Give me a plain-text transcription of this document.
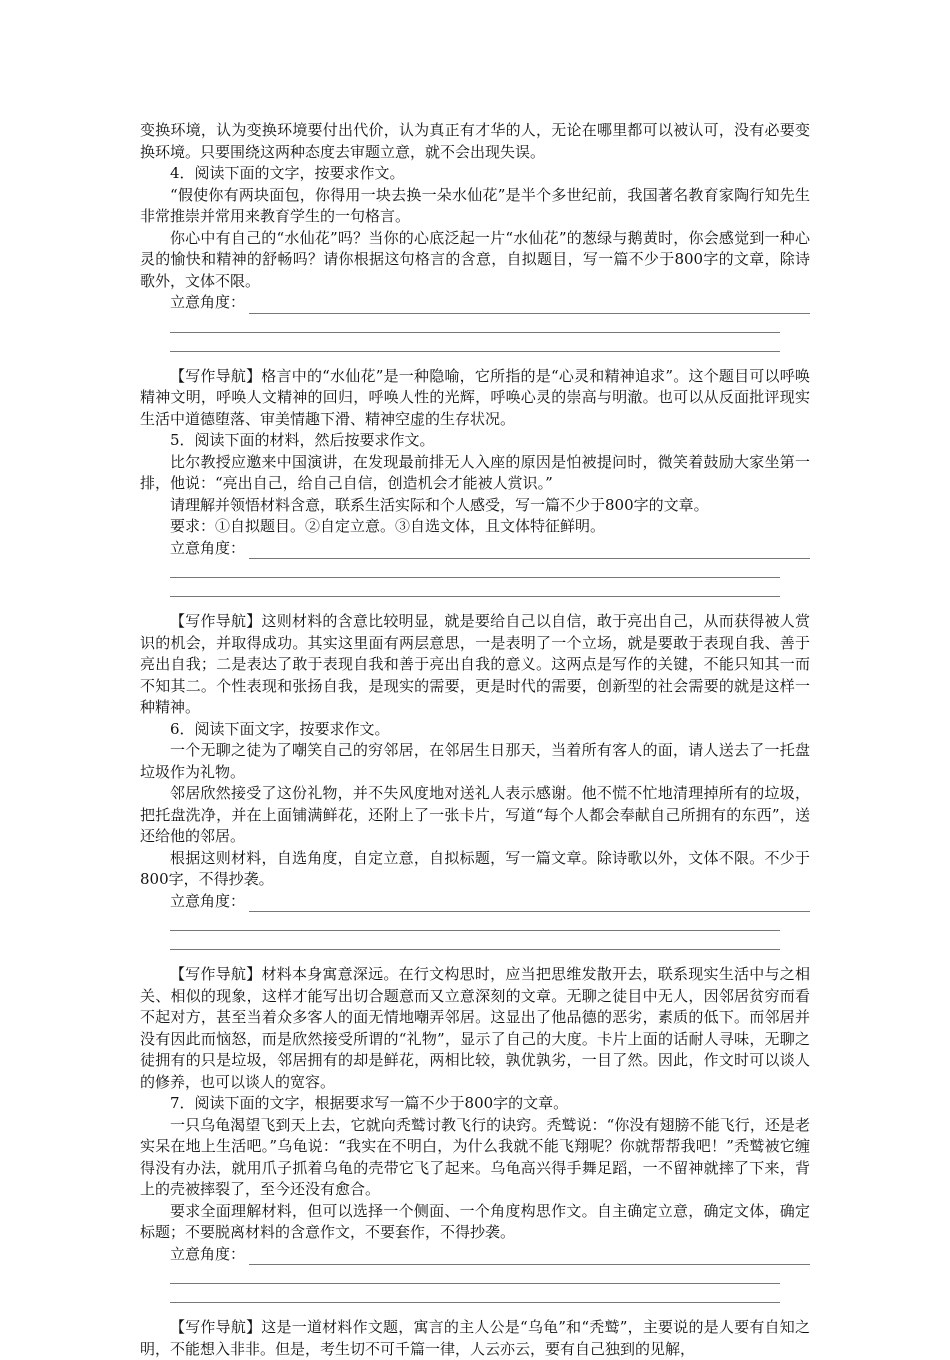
变换环境，认为变换环境要付出代价，认为真正有才华的人，无论在哪里都可以被认可，没有必要变换环境。只要围绕这两种态度去审题立意，就不会出现失误。

4．阅读下面的文字，按要求作文。

“假使你有两块面包，你得用一块去换一朵水仙花”是半个多世纪前，我国著名教育家陶行知先生非常推崇并常用来教育学生的一句格言。

你心中有自己的“水仙花”吗？当你的心底泛起一片“水仙花”的葱绿与鹅黄时，你会感觉到一种心灵的愉快和精神的舒畅吗？请你根据这句格言的含意，自拟题目，写一篇不少于800字的文章，除诗歌外，文体不限。

立意角度：

【写作导航】格言中的“水仙花”是一种隐喻，它所指的是“心灵和精神追求”。这个题目可以呼唤精神文明，呼唤人文精神的回归，呼唤人性的光辉，呼唤心灵的崇高与明澈。也可以从反面批评现实生活中道德堕落、审美情趣下滑、精神空虚的生存状况。

5．阅读下面的材料，然后按要求作文。

比尔教授应邀来中国演讲，在发现最前排无人入座的原因是怕被提问时，微笑着鼓励大家坐第一排，他说：“亮出自己，给自己自信，创造机会才能被人赏识。”

请理解并领悟材料含意，联系生活实际和个人感受，写一篇不少于800字的文章。

要求：①自拟题目。②自定立意。③自选文体，且文体特征鲜明。

立意角度：

【写作导航】这则材料的含意比较明显，就是要给自己以自信，敢于亮出自己，从而获得被人赏识的机会，并取得成功。其实这里面有两层意思，一是表明了一个立场，就是要敢于表现自我、善于亮出自我；二是表达了敢于表现自我和善于亮出自我的意义。这两点是写作的关键，不能只知其一而不知其二。个性表现和张扬自我，是现实的需要，更是时代的需要，创新型的社会需要的就是这样一种精神。

6．阅读下面文字，按要求作文。

一个无聊之徒为了嘲笑自己的穷邻居，在邻居生日那天，当着所有客人的面，请人送去了一托盘垃圾作为礼物。

邻居欣然接受了这份礼物，并不失风度地对送礼人表示感谢。他不慌不忙地清理掉所有的垃圾，把托盘洗净，并在上面铺满鲜花，还附上了一张卡片，写道“每个人都会奉献自己所拥有的东西”，送还给他的邻居。

根据这则材料，自选角度，自定立意，自拟标题，写一篇文章。除诗歌以外，文体不限。不少于800字，不得抄袭。

立意角度：

【写作导航】材料本身寓意深远。在行文构思时，应当把思维发散开去，联系现实生活中与之相关、相似的现象，这样才能写出切合题意而又立意深刻的文章。无聊之徒目中无人，因邻居贫穷而看不起对方，甚至当着众多客人的面无情地嘲弄邻居。这显出了他品德的恶劣，素质的低下。而邻居并没有因此而恼怒，而是欣然接受所谓的“礼物”，显示了自己的大度。卡片上面的话耐人寻味，无聊之徒拥有的只是垃圾，邻居拥有的却是鲜花，两相比较，孰优孰劣，一目了然。因此，作文时可以谈人的修养，也可以谈人的宽容。

7．阅读下面的文字，根据要求写一篇不少于800字的文章。

一只乌龟渴望飞到天上去，它就向秃鹫讨教飞行的诀窍。秃鹫说：“你没有翅膀不能飞行，还是老实呆在地上生活吧。”乌龟说：“我实在不明白，为什么我就不能飞翔呢？你就帮帮我吧！”秃鹫被它缠得没有办法，就用爪子抓着乌龟的壳带它飞了起来。乌龟高兴得手舞足蹈，一不留神就摔了下来，背上的壳被摔裂了，至今还没有愈合。

要求全面理解材料，但可以选择一个侧面、一个角度构思作文。自主确定立意，确定文体，确定标题；不要脱离材料的含意作文，不要套作，不得抄袭。

立意角度：

【写作导航】这是一道材料作文题，寓言的主人公是“乌龟”和“秃鹫”，主要说的是人要有自知之明，不能想入非非。但是，考生切不可千篇一律，人云亦云，要有自己独到的见解，
